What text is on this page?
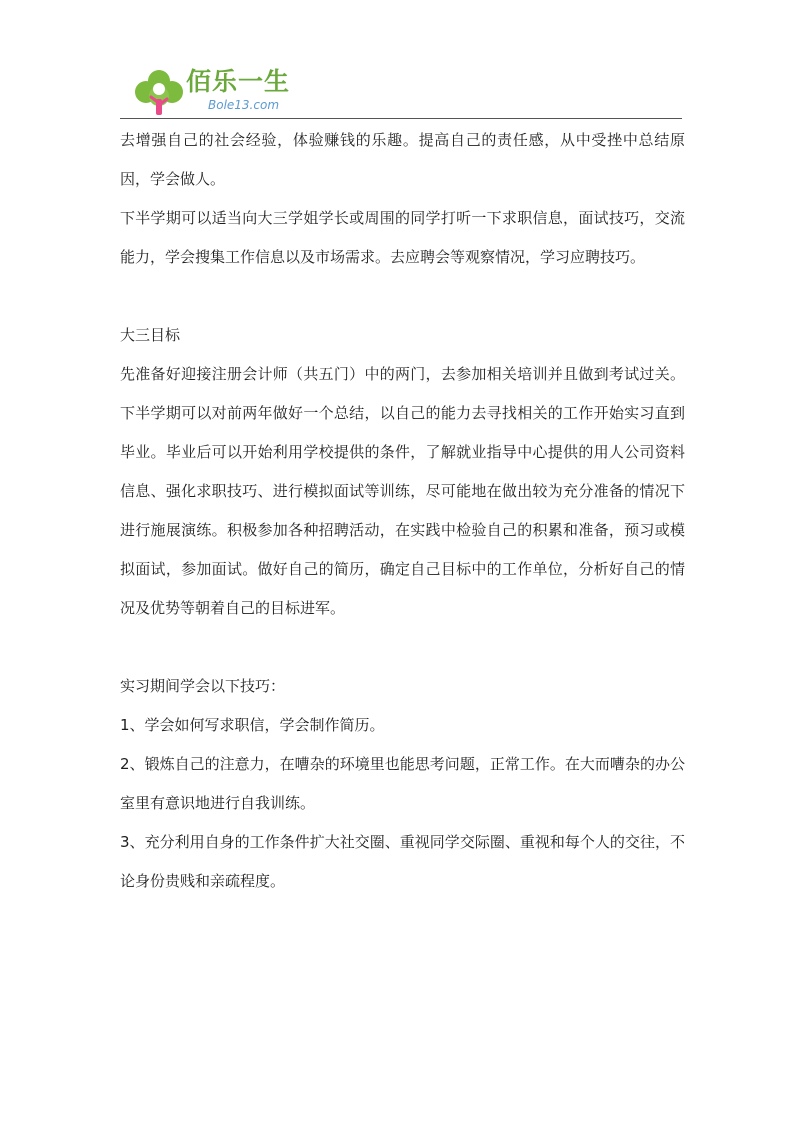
佰乐一生
Bole13.com

去增强自己的社会经验，体验赚钱的乐趣。提高自己的责任感，从中受挫中总结原因，学会做人。

下半学期可以适当向大三学姐学长或周围的同学打听一下求职信息，面试技巧，交流能力，学会搜集工作信息以及市场需求。去应聘会等观察情况，学习应聘技巧。

大三目标

先准备好迎接注册会计师（共五门）中的两门，去参加相关培训并且做到考试过关。下半学期可以对前两年做好一个总结，以自己的能力去寻找相关的工作开始实习直到毕业。毕业后可以开始利用学校提供的条件，了解就业指导中心提供的用人公司资料信息、强化求职技巧、进行模拟面试等训练，尽可能地在做出较为充分准备的情况下进行施展演练。积极参加各种招聘活动，在实践中检验自己的积累和准备，预习或模拟面试，参加面试。做好自己的简历，确定自己目标中的工作单位，分析好自己的情况及优势等朝着自己的目标进军。

实习期间学会以下技巧：

1、学会如何写求职信，学会制作简历。

2、锻炼自己的注意力，在嘈杂的环境里也能思考问题，正常工作。在大而嘈杂的办公室里有意识地进行自我训练。

3、充分利用自身的工作条件扩大社交圈、重视同学交际圈、重视和每个人的交往，不论身份贵贱和亲疏程度。
